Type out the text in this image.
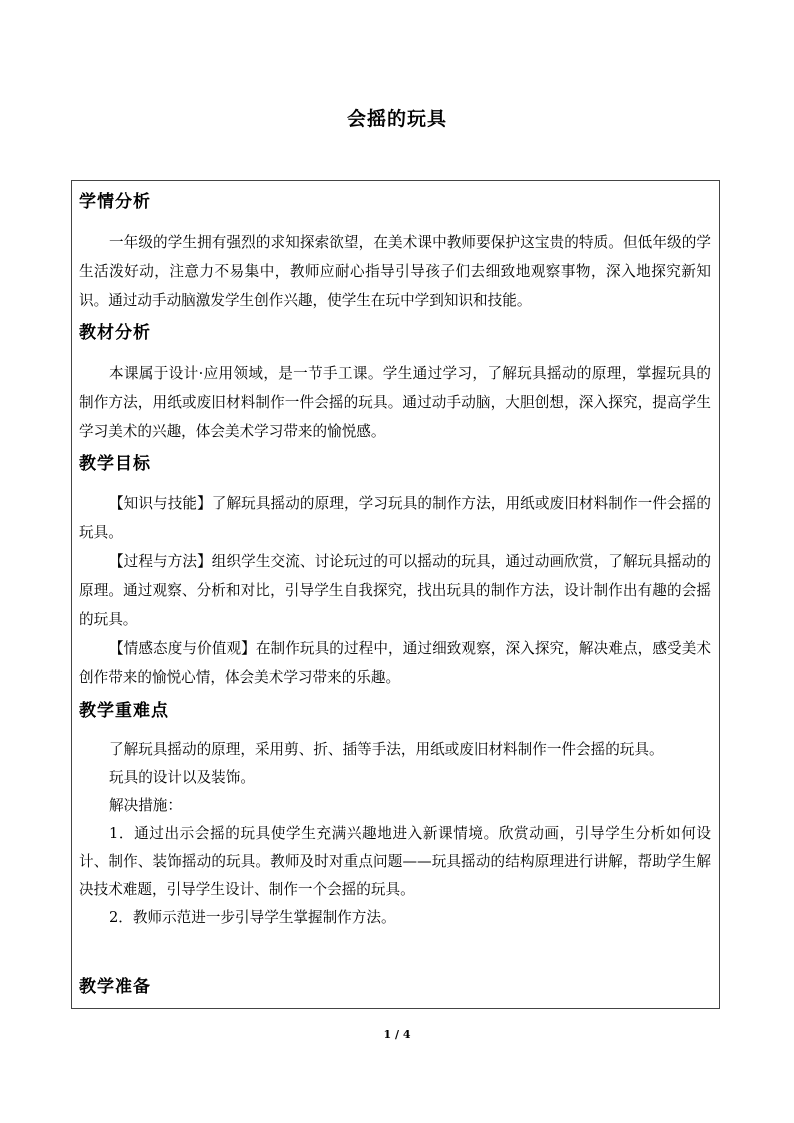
会摇的玩具
学情分析

一年级的学生拥有强烈的求知探索欲望，在美术课中教师要保护这宝贵的特质。但低年级的学生活泼好动，注意力不易集中，教师应耐心指导引导孩子们去细致地观察事物，深入地探究新知识。通过动手动脑激发学生创作兴趣，使学生在玩中学到知识和技能。

教材分析

本课属于设计·应用领域，是一节手工课。学生通过学习，了解玩具摇动的原理，掌握玩具的制作方法，用纸或废旧材料制作一件会摇的玩具。通过动手动脑，大胆创想，深入探究，提高学生学习美术的兴趣，体会美术学习带来的愉悦感。

教学目标

【知识与技能】了解玩具摇动的原理，学习玩具的制作方法，用纸或废旧材料制作一件会摇的玩具。

【过程与方法】组织学生交流、讨论玩过的可以摇动的玩具，通过动画欣赏，了解玩具摇动的原理。通过观察、分析和对比，引导学生自我探究，找出玩具的制作方法，设计制作出有趣的会摇的玩具。

【情感态度与价值观】在制作玩具的过程中，通过细致观察，深入探究，解决难点，感受美术创作带来的愉悦心情，体会美术学习带来的乐趣。

教学重难点

了解玩具摇动的原理，采用剪、折、插等手法，用纸或废旧材料制作一件会摇的玩具。

玩具的设计以及装饰。

解决措施：

1．通过出示会摇的玩具使学生充满兴趣地进入新课情境。欣赏动画，引导学生分析如何设计、制作、装饰摇动的玩具。教师及时对重点问题——玩具摇动的结构原理进行讲解，帮助学生解决技术难题，引导学生设计、制作一个会摇的玩具。

2．教师示范进一步引导学生掌握制作方法。

教学准备
1 / 4
